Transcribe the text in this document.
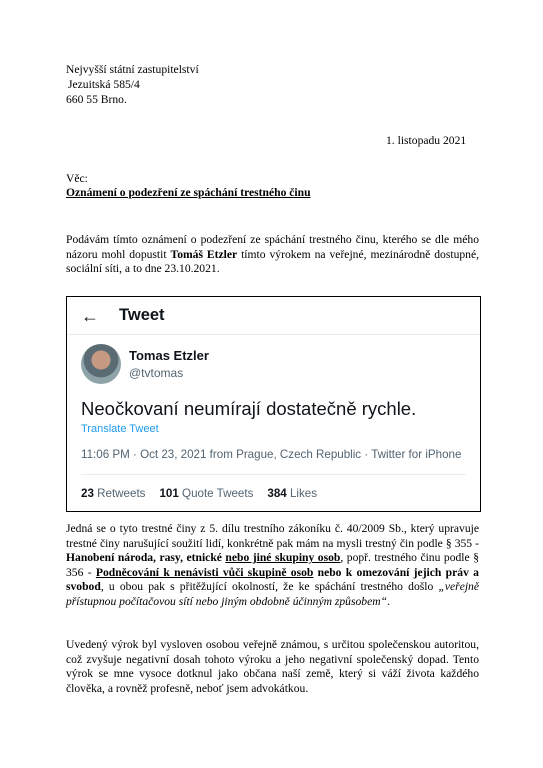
Nejvyšší státní zastupitelství
Jezuitská 585/4
660 55 Brno.
1. listopadu 2021
Věc:
Oznámení o podezření ze spáchání trestného činu
Podávám tímto oznámení o podezření ze spáchání trestného činu, kterého se dle mého názoru mohl dopustit Tomáš Etzler tímto výrokem na veřejné, mezinárodně dostupné, sociální síti, a to dne 23.10.2021.
← Tweet
Tomas Etzler
@tvtomas
Neočkovaní neumírají dostatečně rychle.
Translate Tweet
11:06 PM · Oct 23, 2021 from Prague, Czech Republic · Twitter for iPhone
23 Retweets 101 Quote Tweets 384 Likes
Jedná se o tyto trestné činy z 5. dílu trestního zákoníku č. 40/2009 Sb., který upravuje trestné činy narušující soužití lidí, konkrétně pak mám na mysli trestný čin podle § 355 - Hanobení národa, rasy, etnické nebo jiné skupiny osob, popř. trestného činu podle § 356 - Podněcování k nenávisti vůči skupině osob nebo k omezování jejich práv a svobod, u obou pak s přitěžující okolností, že ke spáchání trestného došlo „veřejně přístupnou počítačovou sítí nebo jiným obdobně účinným způsobem“.
Uvedený výrok byl vysloven osobou veřejně známou, s určitou společenskou autoritou, což zvyšuje negativní dosah tohoto výroku a jeho negativní společenský dopad. Tento výrok se mne vysoce dotknul jako občana naší země, který si váží života každého člověka, a rovněž profesně, neboť jsem advokátkou.
